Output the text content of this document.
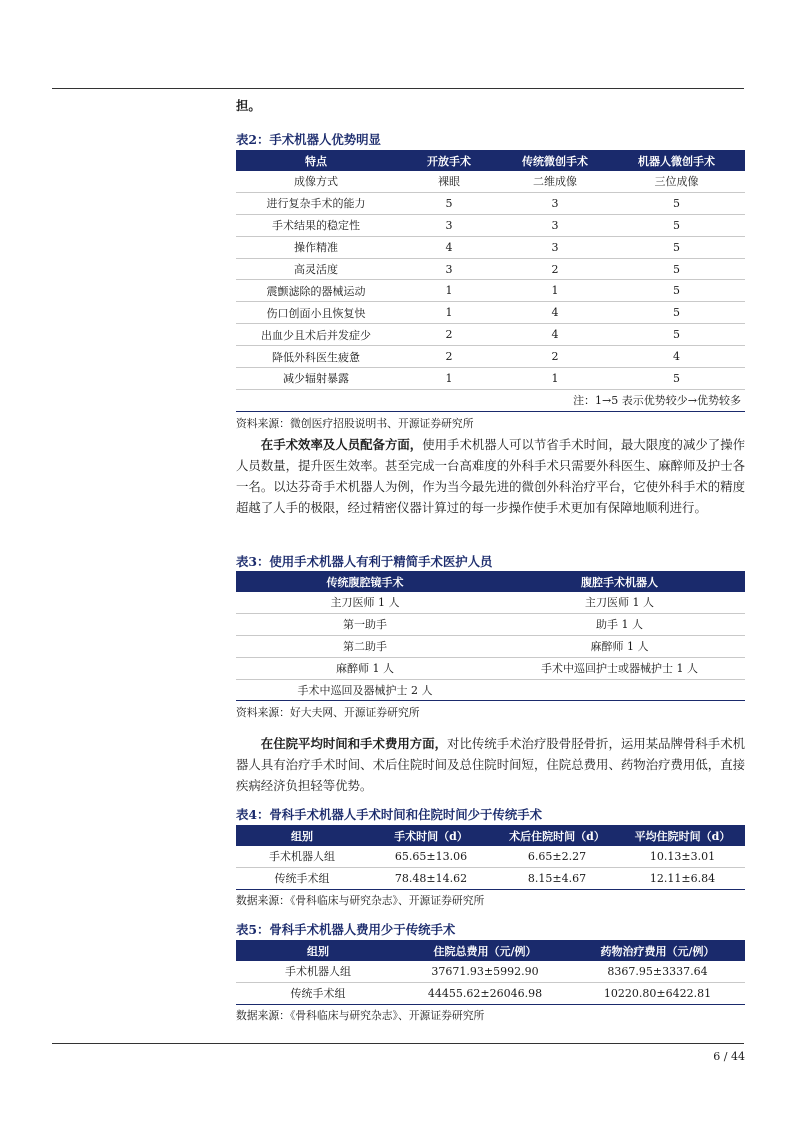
担。
表2：手术机器人优势明显
特点	开放手术	传统微创手术	机器人微创手术
成像方式	裸眼	二维成像	三位成像
进行复杂手术的能力	5	3	5
手术结果的稳定性	3	3	5
操作精准	4	3	5
高灵活度	3	2	5
震颤滤除的器械运动	1	1	5
伤口创面小且恢复快	1	4	5
出血少且术后并发症少	2	4	5
降低外科医生疲惫	2	2	4
减少辐射暴露	1	1	5
注：1→5 表示优势较少→优势较多			
资料来源：微创医疗招股说明书、开源证券研究所

在手术效率及人员配备方面，使用手术机器人可以节省手术时间，最大限度的减少了操作人员数量，提升医生效率。甚至完成一台高难度的外科手术只需要外科医生、麻醉师及护士各一名。以达芬奇手术机器人为例，作为当今最先进的微创外科治疗平台，它使外科手术的精度超越了人手的极限，经过精密仪器计算过的每一步操作使手术更加有保障地顺利进行。

表3：使用手术机器人有利于精简手术医护人员
传统腹腔镜手术	腹腔手术机器人
主刀医师 1 人	主刀医师 1 人
第一助手	助手 1 人
第二助手	麻醉师 1 人
麻醉师 1 人	手术中巡回护士或器械护士 1 人
手术中巡回及器械护士 2 人	
资料来源：好大夫网、开源证券研究所

在住院平均时间和手术费用方面，对比传统手术治疗股骨胫骨折，运用某品牌骨科手术机器人具有治疗手术时间、术后住院时间及总住院时间短，住院总费用、药物治疗费用低，直接疾病经济负担轻等优势。

表4：骨科手术机器人手术时间和住院时间少于传统手术
组别	手术时间（d）	术后住院时间（d）	平均住院时间（d）
手术机器人组	65.65±13.06	6.65±2.27	10.13±3.01
传统手术组	78.48±14.62	8.15±4.67	12.11±6.84
数据来源：《骨科临床与研究杂志》、开源证券研究所
表5：骨科手术机器人费用少于传统手术
组别	住院总费用（元/例）	药物治疗费用（元/例）
手术机器人组	37671.93±5992.90	8367.95±3337.64
传统手术组	44455.62±26046.98	10220.80±6422.81
数据来源：《骨科临床与研究杂志》、开源证券研究所
6 / 44
